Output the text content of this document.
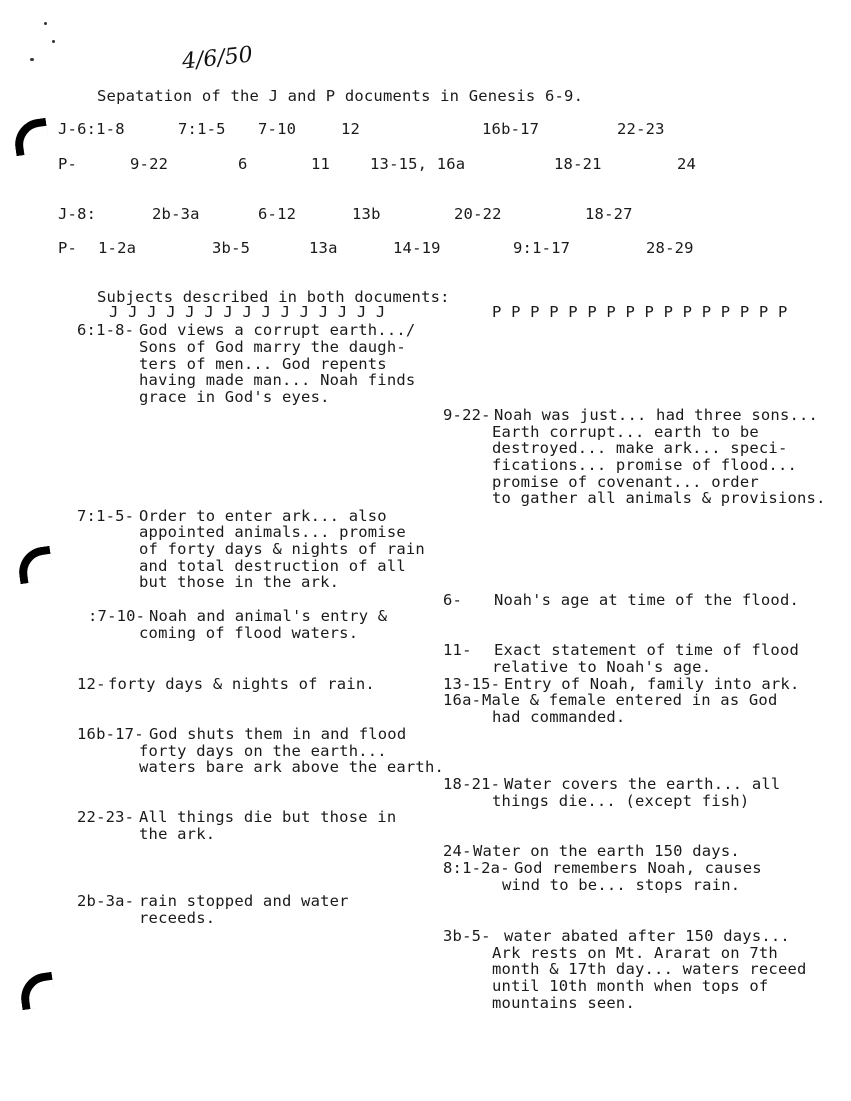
4/6/50
Sepatation of the J and P documents in Genesis 6-9.
J-6:1-8	7:1-5 7-10	12	16b-17	22-23
P-	9-22	6	11	13-15, 16a	18-21	24
J-8:	2b-3a	6-12	13b	20-22	18-27
P- 1-2a	3b-5	13a	14-19	9:1-17	28-29
Subjects described in both documents:
J J J J J J J J J J J J J J J	P P P P P P P P P P P P P P P P
6:1-8- God views a corrupt earth.../
Sons of God marry the daugh-
ters of men... God repents
having made man... Noah finds
grace in God's eyes.
7:1-5- Order to enter ark... also
appointed animals... promise
of forty days & nights of rain
and total destruction of all
but those in the ark.
:7-10- Noah and animal's entry &
coming of flood waters.
12- forty days & nights of rain.
16b-17- God shuts them in and flood
forty days on the earth...
waters bare ark above the earth.
22-23- All things die but those in
the ark.
2b-3a- rain stopped and water
receeds.
9-22- Noah was just... had three sons...
Earth corrupt... earth to be
destroyed... make ark... speci-
fications... promise of flood...
promise of covenant... order
to gather all animals & provisions.
6- Noah's age at time of the flood.
11- Exact statement of time of flood
relative to Noah's age.
13-15- Entry of Noah, family into ark.
16a- Male & female entered in as God
had commanded.
18-21- Water covers the earth... all
things die... (except fish)
24- Water on the earth 150 days.
8:1-2a- God remembers Noah, causes
wind to be... stops rain.
3b-5- water abated after 150 days...
Ark rests on Mt. Ararat on 7th
month & 17th day... waters receed
until 10th month when tops of
mountains seen.
